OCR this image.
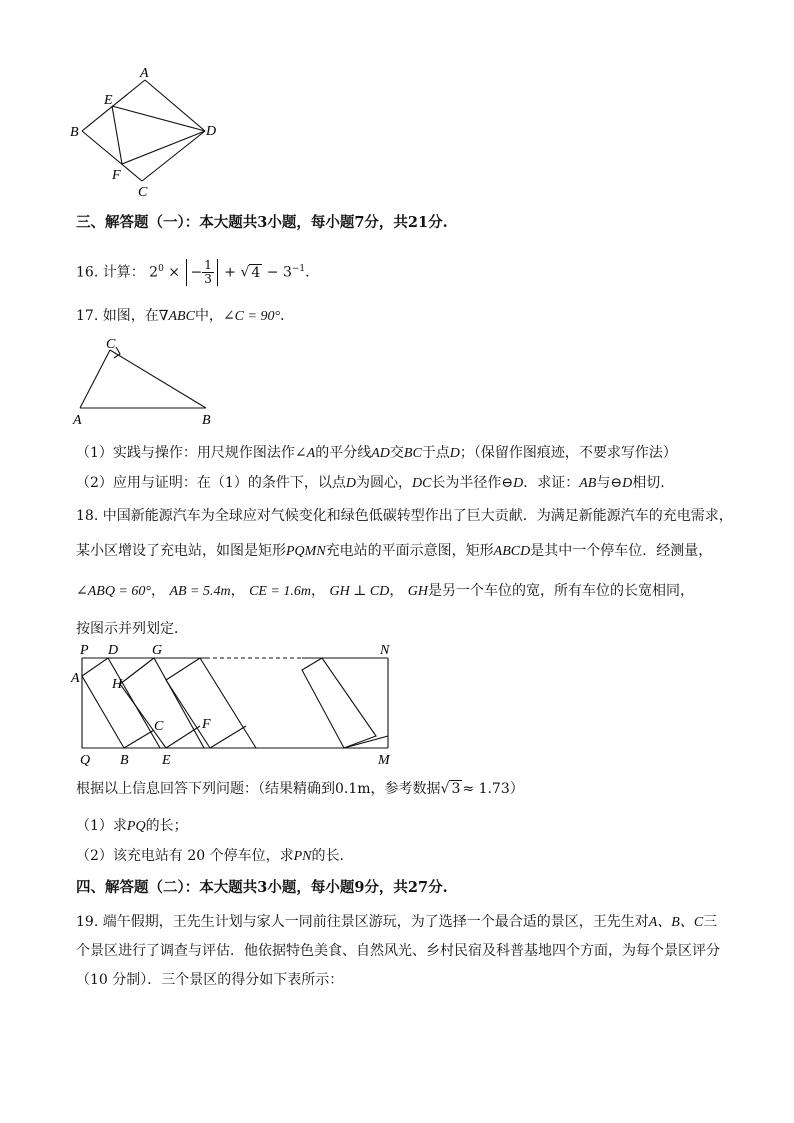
A
E
B	D
F
C
三、解答题（一）：本大题共3小题，每小题7分，共21分.
16. 计算： $2^0$ × − $\frac{1}{3}$ + √ $4 - 3^{-1}$.
17. 如图，在∇ABC中，∠C = 90°．
C
A	B
（1）实践与操作：用尺规作图法作∠A的平分线AD交BC于点D；（保留作图痕迹，不要求写作法）
（2）应用与证明：在（1）的条件下，以点D为圆心，DC长为半径作⊖D．求证：AB与⊖D相切.
18. 中国新能源汽车为全球应对气候变化和绿色低碳转型作出了巨大贡献．为满足新能源汽车的充电需求，
某小区增设了充电站，如图是矩形PQMN充电站的平面示意图，矩形ABCD是其中一个停车位．经测量，
∠ABQ = 60°， AB = 5.4m， CE = 1.6m， GH ⊥ CD， GH是另一个车位的宽，所有车位的长宽相同，
按图示并列划定．
P D G	N
A H
C	F
Q B E	M
根据以上信息回答下列问题：（结果精确到0.1m，参考数据√ 3 ≈ 1.73）
（1）求PQ的长；
（2）该充电站有 20 个停车位，求PN的长.
四、解答题（二）：本大题共3小题，每小题9分，共27分.
19. 端午假期，王先生计划与家人一同前往景区游玩，为了选择一个最合适的景区，王先生对A、B、C三
个景区进行了调查与评估．他依据特色美食、自然风光、乡村民宿及科普基地四个方面，为每个景区评分
（10 分制）．三个景区的得分如下表所示：
